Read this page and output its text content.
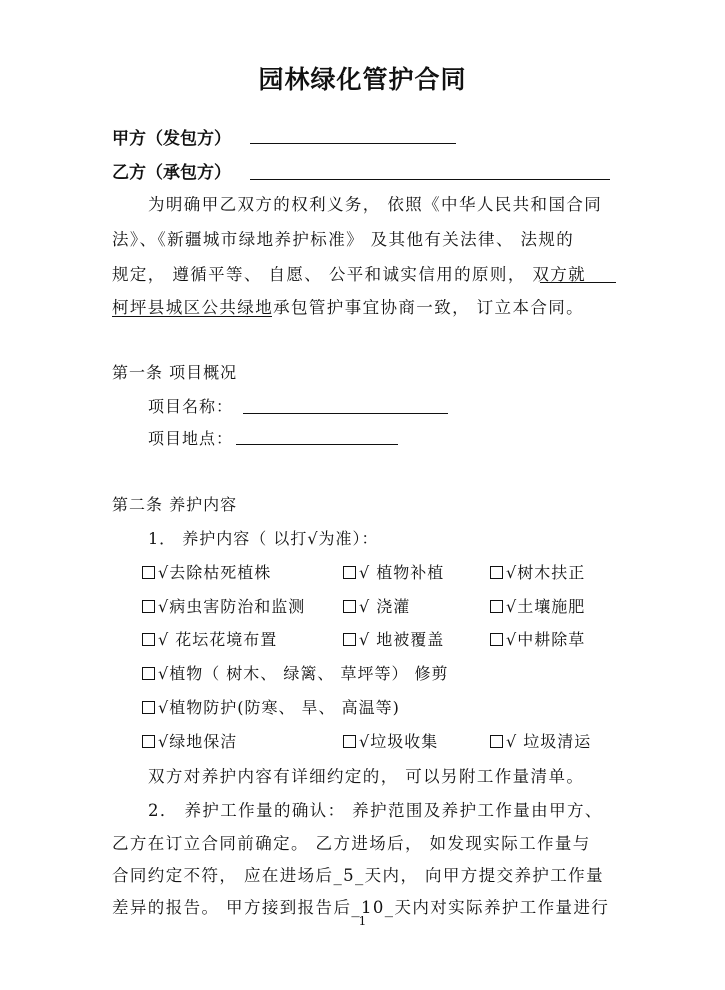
园林绿化管护合同
甲方（发包方）
乙方（承包方）
为明确甲乙双方的权利义务， 依照《中华人民共和国合同
法》、《新疆城市绿地养护标准》 及其他有关法律、 法规的
规定， 遵循平等、 自愿、 公平和诚实信用的原则， 双方就
柯坪县城区公共绿地承包管护事宜协商一致， 订立本合同。
第一条 项目概况
项目名称：
项目地点：
第二条 养护内容
1． 养护内容（ 以打√为准）：
√去除枯死植株	√ 植物补植	√树木扶正
√病虫害防治和监测	√ 浇灌	√土壤施肥
√ 花坛花境布置	√ 地被覆盖	√中耕除草
√植物（ 树木、 绿篱、 草坪等） 修剪
√植物防护(防寒、 旱、 高温等)
√绿地保洁	√垃圾收集	√ 垃圾清运
双方对养护内容有详细约定的， 可以另附工作量清单。
2． 养护工作量的确认： 养护范围及养护工作量由甲方、
乙方在订立合同前确定。 乙方进场后， 如发现实际工作量与
合同约定不符， 应在进场后_5_天内， 向甲方提交养护工作量
差异的报告。 甲方接到报告后_10_天内对实际养护工作量进行
1
